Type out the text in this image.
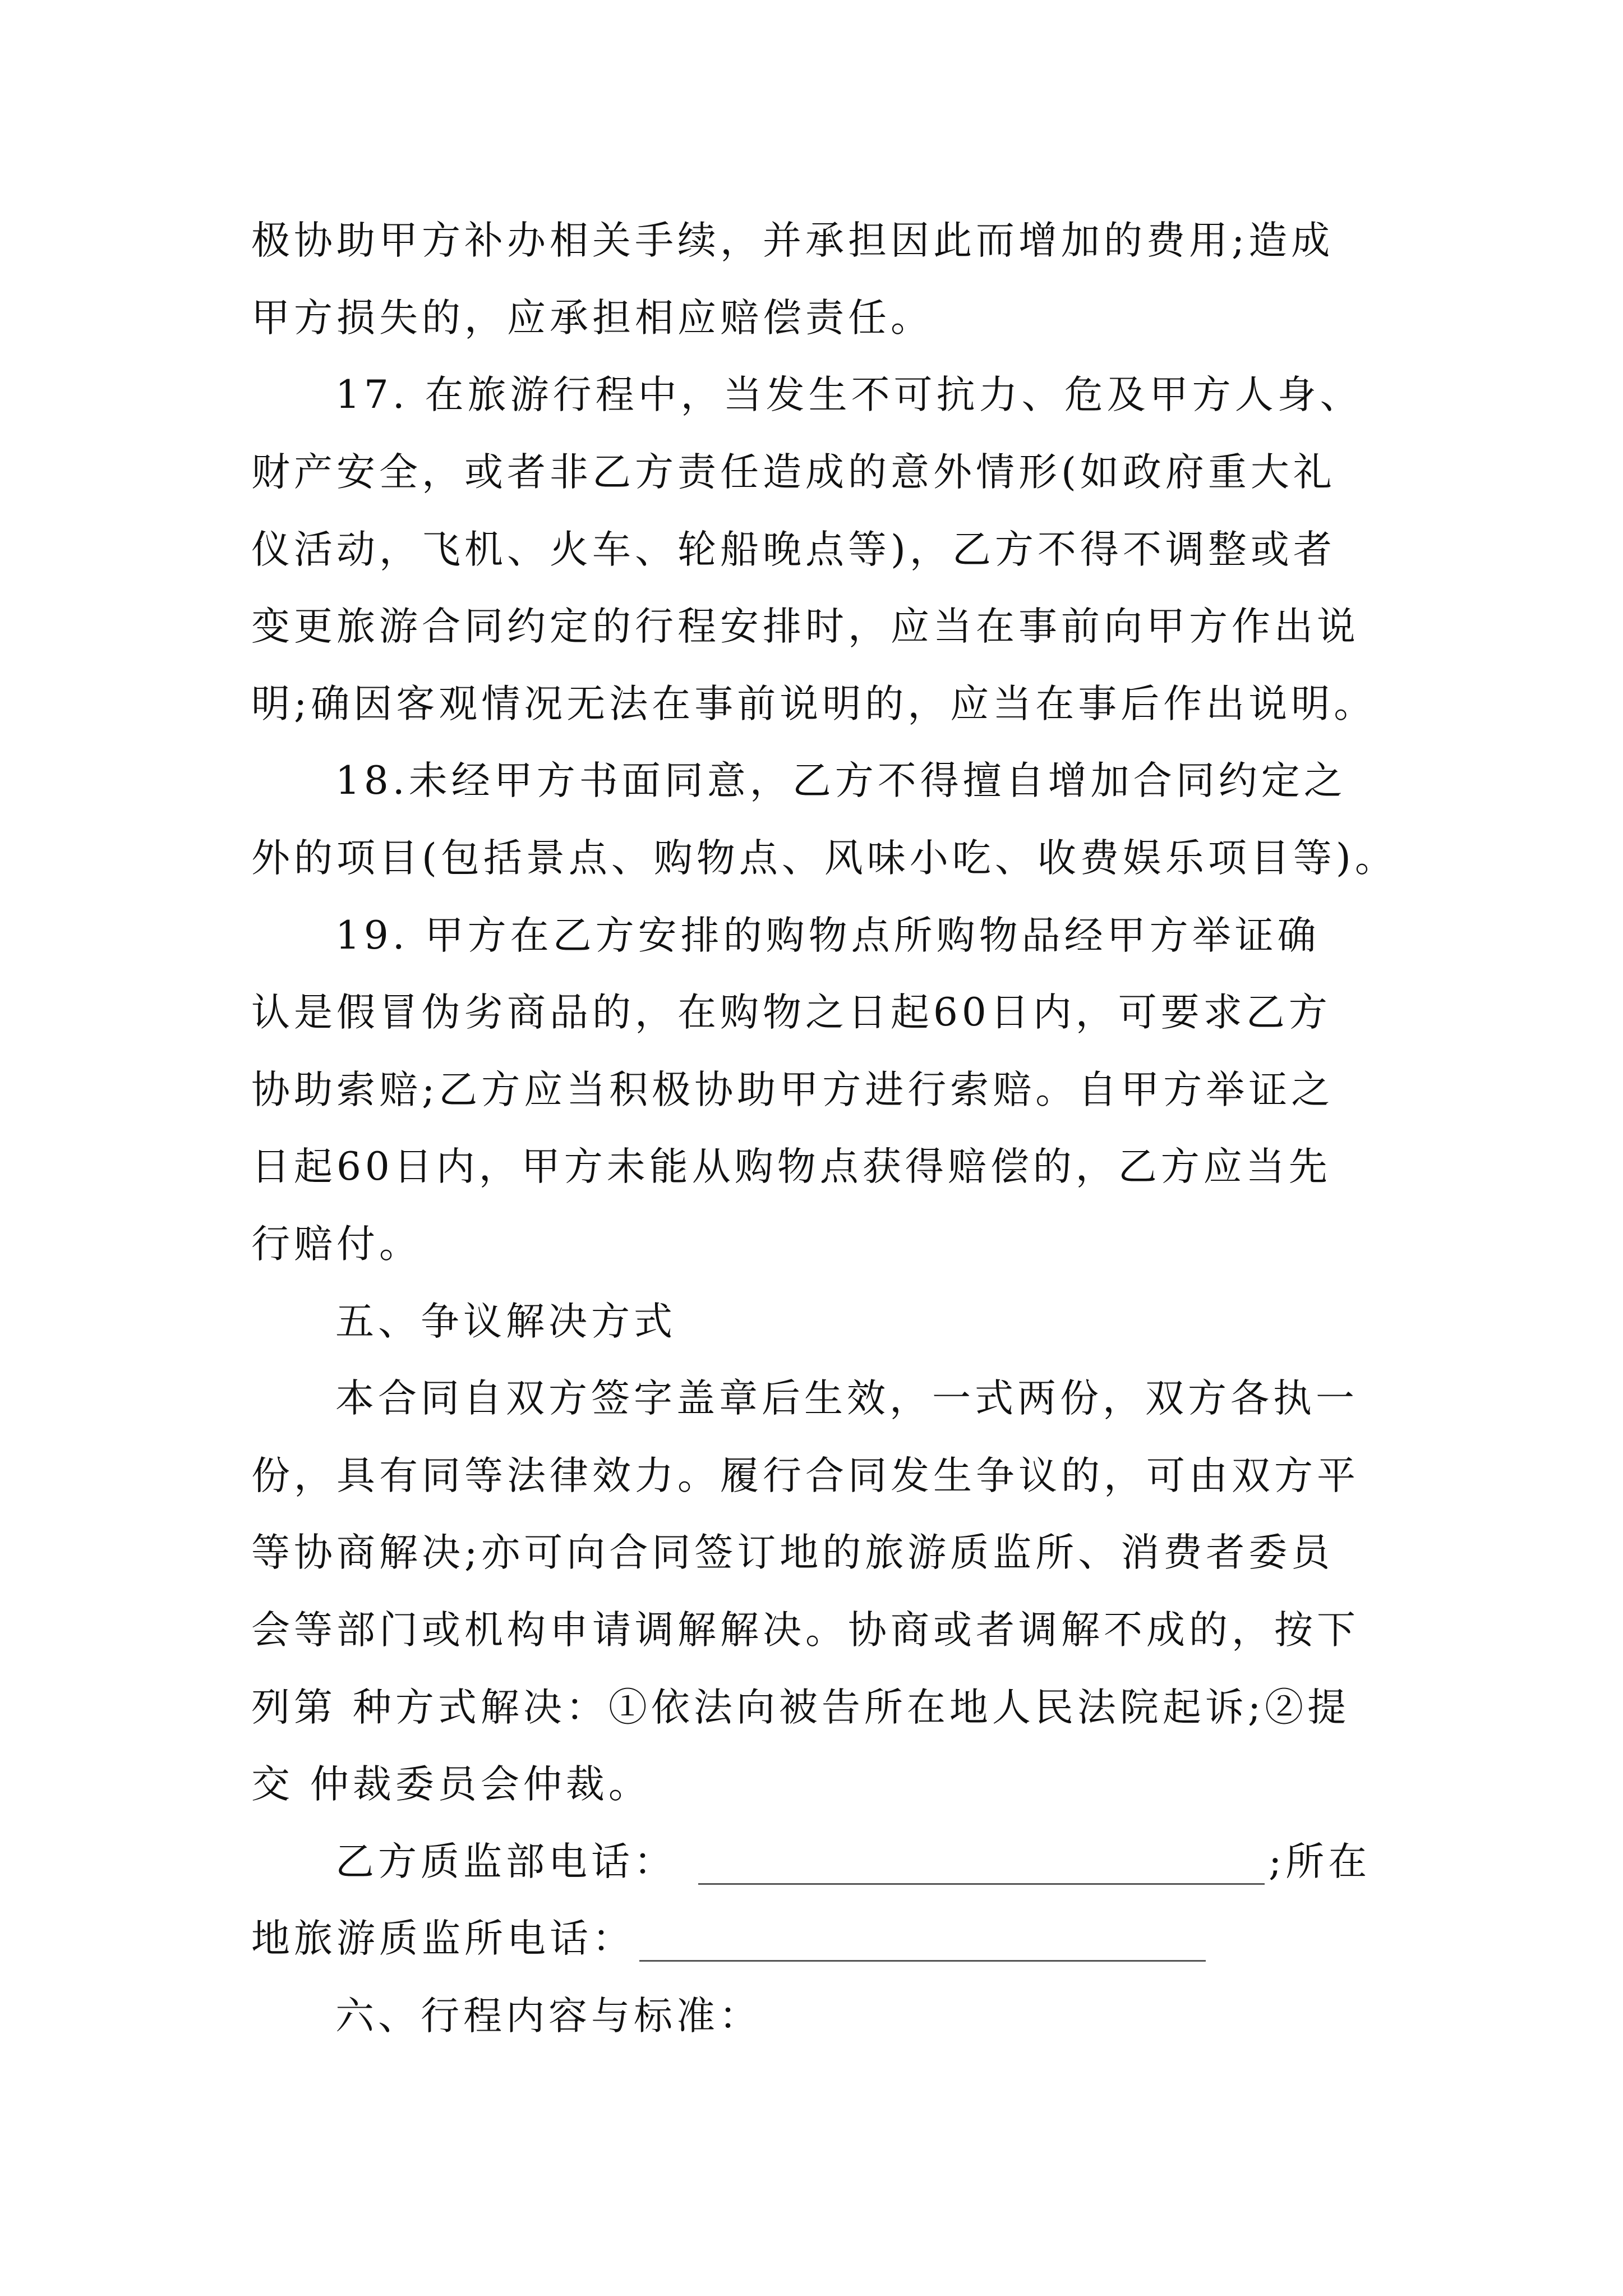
极协助甲方补办相关手续，并承担因此而增加的费用;造成
甲方损失的，应承担相应赔偿责任。
17. 在旅游行程中，当发生不可抗力、危及甲方人身、
财产安全，或者非乙方责任造成的意外情形(如政府重大礼
仪活动，飞机、火车、轮船晚点等)，乙方不得不调整或者
变更旅游合同约定的行程安排时，应当在事前向甲方作出说
明;确因客观情况无法在事前说明的，应当在事后作出说明。
18.未经甲方书面同意，乙方不得擅自增加合同约定之
外的项目(包括景点、购物点、风味小吃、收费娱乐项目等)。
19. 甲方在乙方安排的购物点所购物品经甲方举证确
认是假冒伪劣商品的，在购物之日起60日内，可要求乙方
协助索赔;乙方应当积极协助甲方进行索赔。自甲方举证之
日起60日内，甲方未能从购物点获得赔偿的，乙方应当先
行赔付。
五、争议解决方式
本合同自双方签字盖章后生效，一式两份，双方各执一
份，具有同等法律效力。履行合同发生争议的，可由双方平
等协商解决;亦可向合同签订地的旅游质监所、消费者委员
会等部门或机构申请调解解决。协商或者调解不成的，按下
列第 种方式解决：①依法向被告所在地人民法院起诉;②提
交 仲裁委员会仲裁。
乙方质监部电话：	;所在
地旅游质监所电话：
六、行程内容与标准：
